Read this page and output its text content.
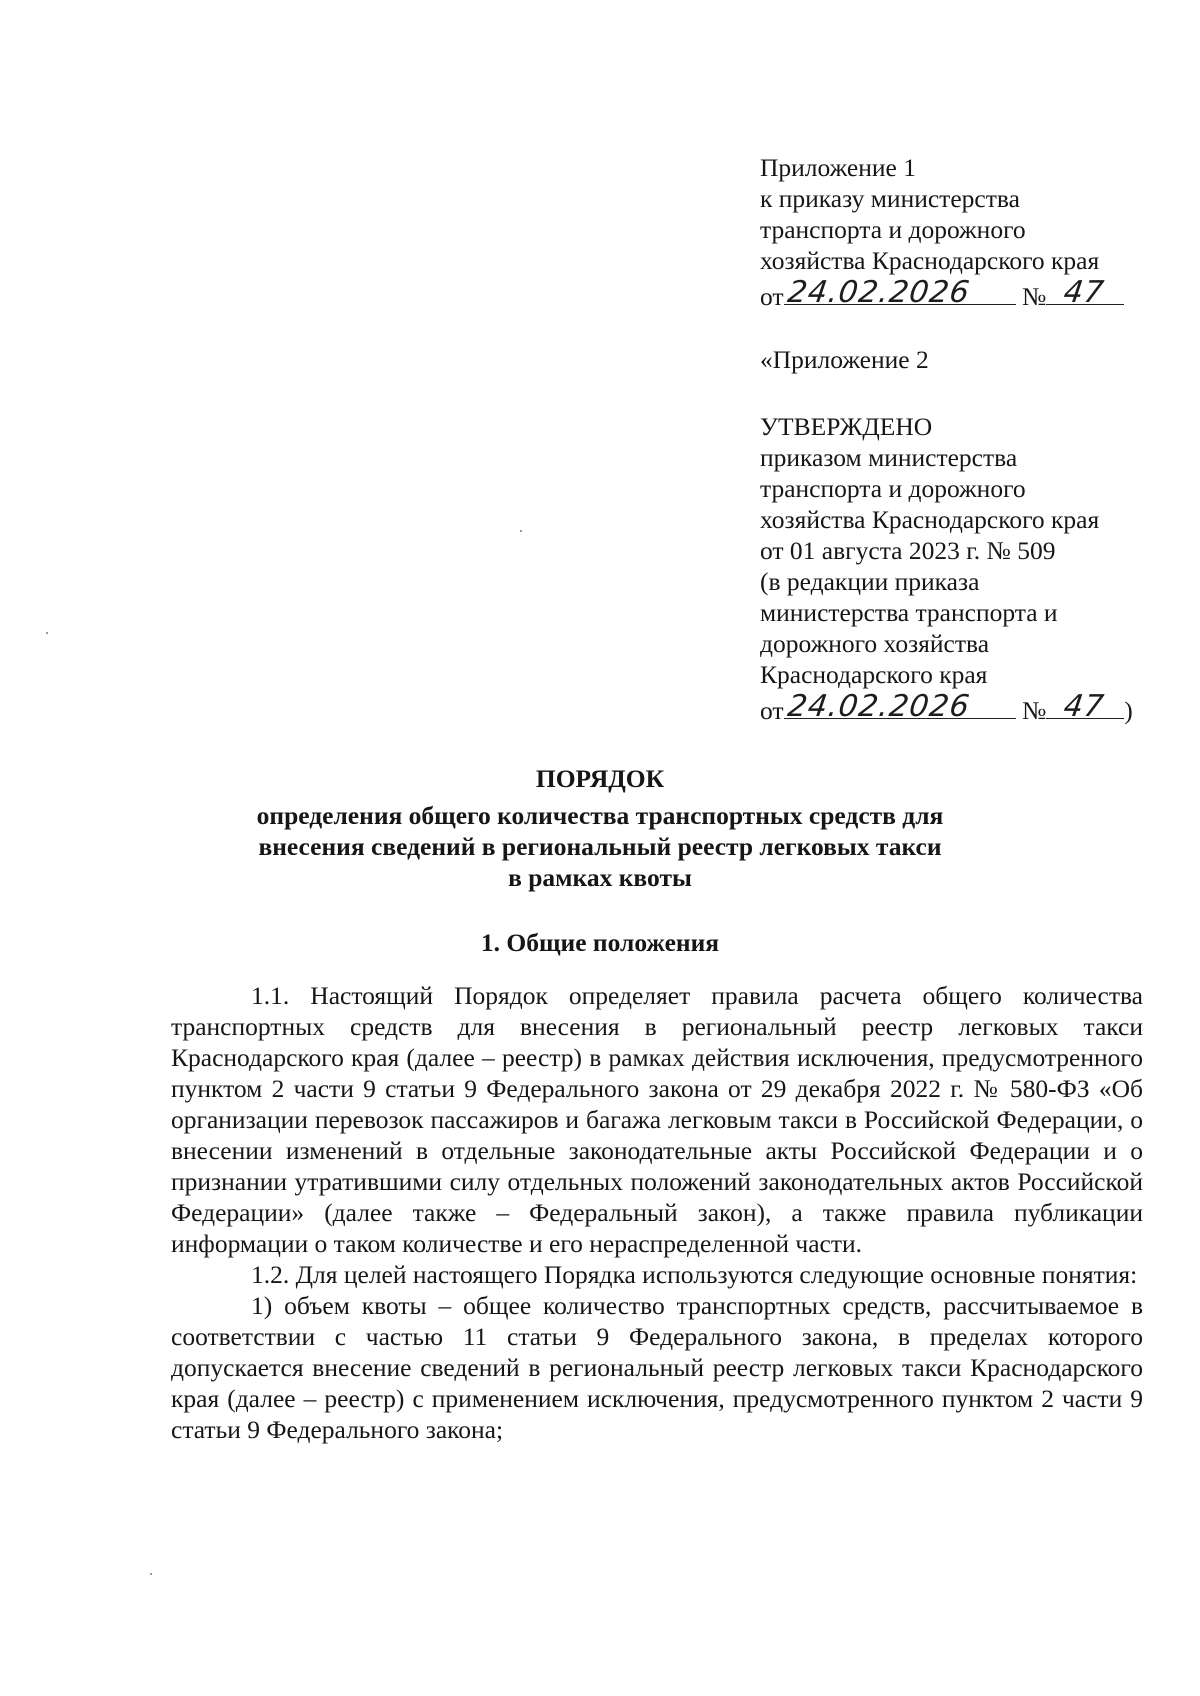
Приложение 1
к приказу министерства
транспорта и дорожного
хозяйства Краснодарского края
от 24.02.2026 № 47
«Приложение 2
УТВЕРЖДЕНО
приказом министерства
транспорта и дорожного
хозяйства Краснодарского края
от 01 августа 2023 г. № 509
(в редакции приказа
министерства транспорта и
дорожного хозяйства
Краснодарского края
от 24.02.2026 № 47 )
ПОРЯДОК
определения общего количества транспортных средств для
внесения сведений в региональный реестр легковых такси
в рамках квоты
1. Общие положения

1.1. Настоящий Порядок определяет правила расчета общего количества транспортных средств для внесения в региональный реестр легковых такси Краснодарского края (далее – реестр) в рамках действия исключения, предусмотренного пунктом 2 части 9 статьи 9 Федерального закона от 29 декабря 2022 г. № 580-ФЗ «Об организации перевозок пассажиров и багажа легковым такси в Российской Федерации, о внесении изменений в отдельные законодательные акты Российской Федерации и о признании утратившими силу отдельных положений законодательных актов Российской Федерации» (далее также – Федеральный закон), а также правила публикации информации о таком количестве и его нераспределенной части.

1.2. Для целей настоящего Порядка используются следующие основные понятия:

1) объем квоты – общее количество транспортных средств, рассчитываемое в соответствии с частью 11 статьи 9 Федерального закона, в пределах которого допускается внесение сведений в региональный реестр легковых такси Краснодарского края (далее – реестр) с применением исключения, предусмотренного пунктом 2 части 9 статьи 9 Федерального закона;
